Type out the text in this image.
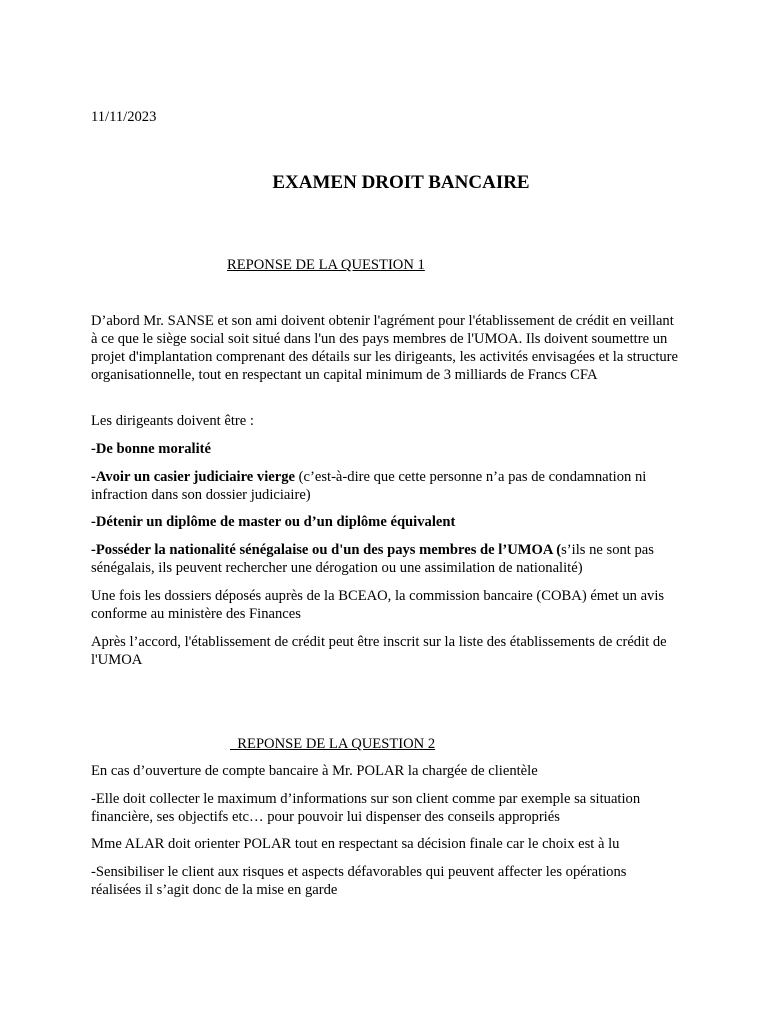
11/11/2023

EXAMEN DROIT BANCAIRE

REPONSE DE LA QUESTION 1

D’abord Mr. SANSE et son ami doivent obtenir l'agrément pour l'établissement de crédit en veillant à ce que le siège social soit situé dans l'un des pays membres de l'UMOA. Ils doivent soumettre un projet d'implantation comprenant des détails sur les dirigeants, les activités envisagées et la structure organisationnelle, tout en respectant un capital minimum de 3 milliards de Francs CFA

Les dirigeants doivent être :

-De bonne moralité

-Avoir un casier judiciaire vierge (c’est-à-dire que cette personne n’a pas de condamnation ni infraction dans son dossier judiciaire)

-Détenir un diplôme de master ou d’un diplôme équivalent

-Posséder la nationalité sénégalaise ou d'un des pays membres de l’UMOA (s’ils ne sont pas sénégalais, ils peuvent rechercher une dérogation ou une assimilation de nationalité)

Une fois les dossiers déposés auprès de la BCEAO, la commission bancaire (COBA) émet un avis conforme au ministère des Finances

Après l’accord, l'établissement de crédit peut être inscrit sur la liste des établissements de crédit de l'UMOA

REPONSE DE LA QUESTION 2

En cas d’ouverture de compte bancaire à Mr. POLAR la chargée de clientèle

-Elle doit collecter le maximum d’informations sur son client comme par exemple sa situation financière, ses objectifs etc… pour pouvoir lui dispenser des conseils appropriés

Mme ALAR doit orienter POLAR tout en respectant sa décision finale car le choix est à lu

-Sensibiliser le client aux risques et aspects défavorables qui peuvent affecter les opérations réalisées il s’agit donc de la mise en garde
